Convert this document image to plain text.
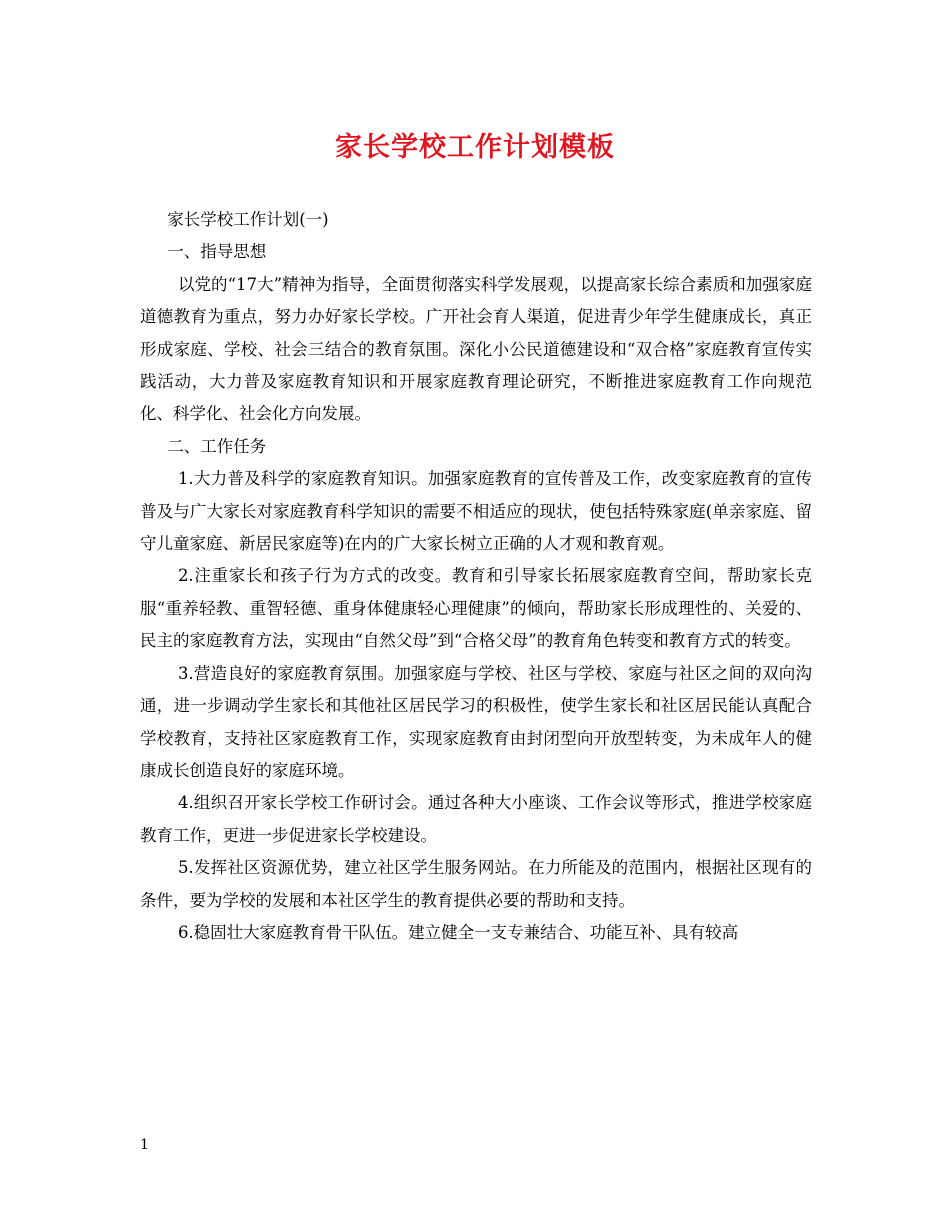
家长学校工作计划模板

家长学校工作计划(一)

一、指导思想

以党的“17大”精神为指导，全面贯彻落实科学发展观，以提高家长综合素质和加强家庭道德教育为重点，努力办好家长学校。广开社会育人渠道，促进青少年学生健康成长，真正形成家庭、学校、社会三结合的教育氛围。深化小公民道德建设和“双合格”家庭教育宣传实践活动，大力普及家庭教育知识和开展家庭教育理论研究，不断推进家庭教育工作向规范化、科学化、社会化方向发展。

二、工作任务

1.大力普及科学的家庭教育知识。加强家庭教育的宣传普及工作，改变家庭教育的宣传普及与广大家长对家庭教育科学知识的需要不相适应的现状，使包括特殊家庭(单亲家庭、留守儿童家庭、新居民家庭等)在内的广大家长树立正确的人才观和教育观。

2.注重家长和孩子行为方式的改变。教育和引导家长拓展家庭教育空间，帮助家长克服“重养轻教、重智轻德、重身体健康轻心理健康”的倾向，帮助家长形成理性的、关爱的、民主的家庭教育方法，实现由“自然父母”到“合格父母”的教育角色转变和教育方式的转变。

3.营造良好的家庭教育氛围。加强家庭与学校、社区与学校、家庭与社区之间的双向沟通，进一步调动学生家长和其他社区居民学习的积极性，使学生家长和社区居民能认真配合学校教育，支持社区家庭教育工作，实现家庭教育由封闭型向开放型转变，为未成年人的健康成长创造良好的家庭环境。

4.组织召开家长学校工作研讨会。通过各种大小座谈、工作会议等形式，推进学校家庭教育工作，更进一步促进家长学校建设。

5.发挥社区资源优势，建立社区学生服务网站。在力所能及的范围内，根据社区现有的条件，要为学校的发展和本社区学生的教育提供必要的帮助和支持。

6.稳固壮大家庭教育骨干队伍。建立健全一支专兼结合、功能互补、具有较高

1
